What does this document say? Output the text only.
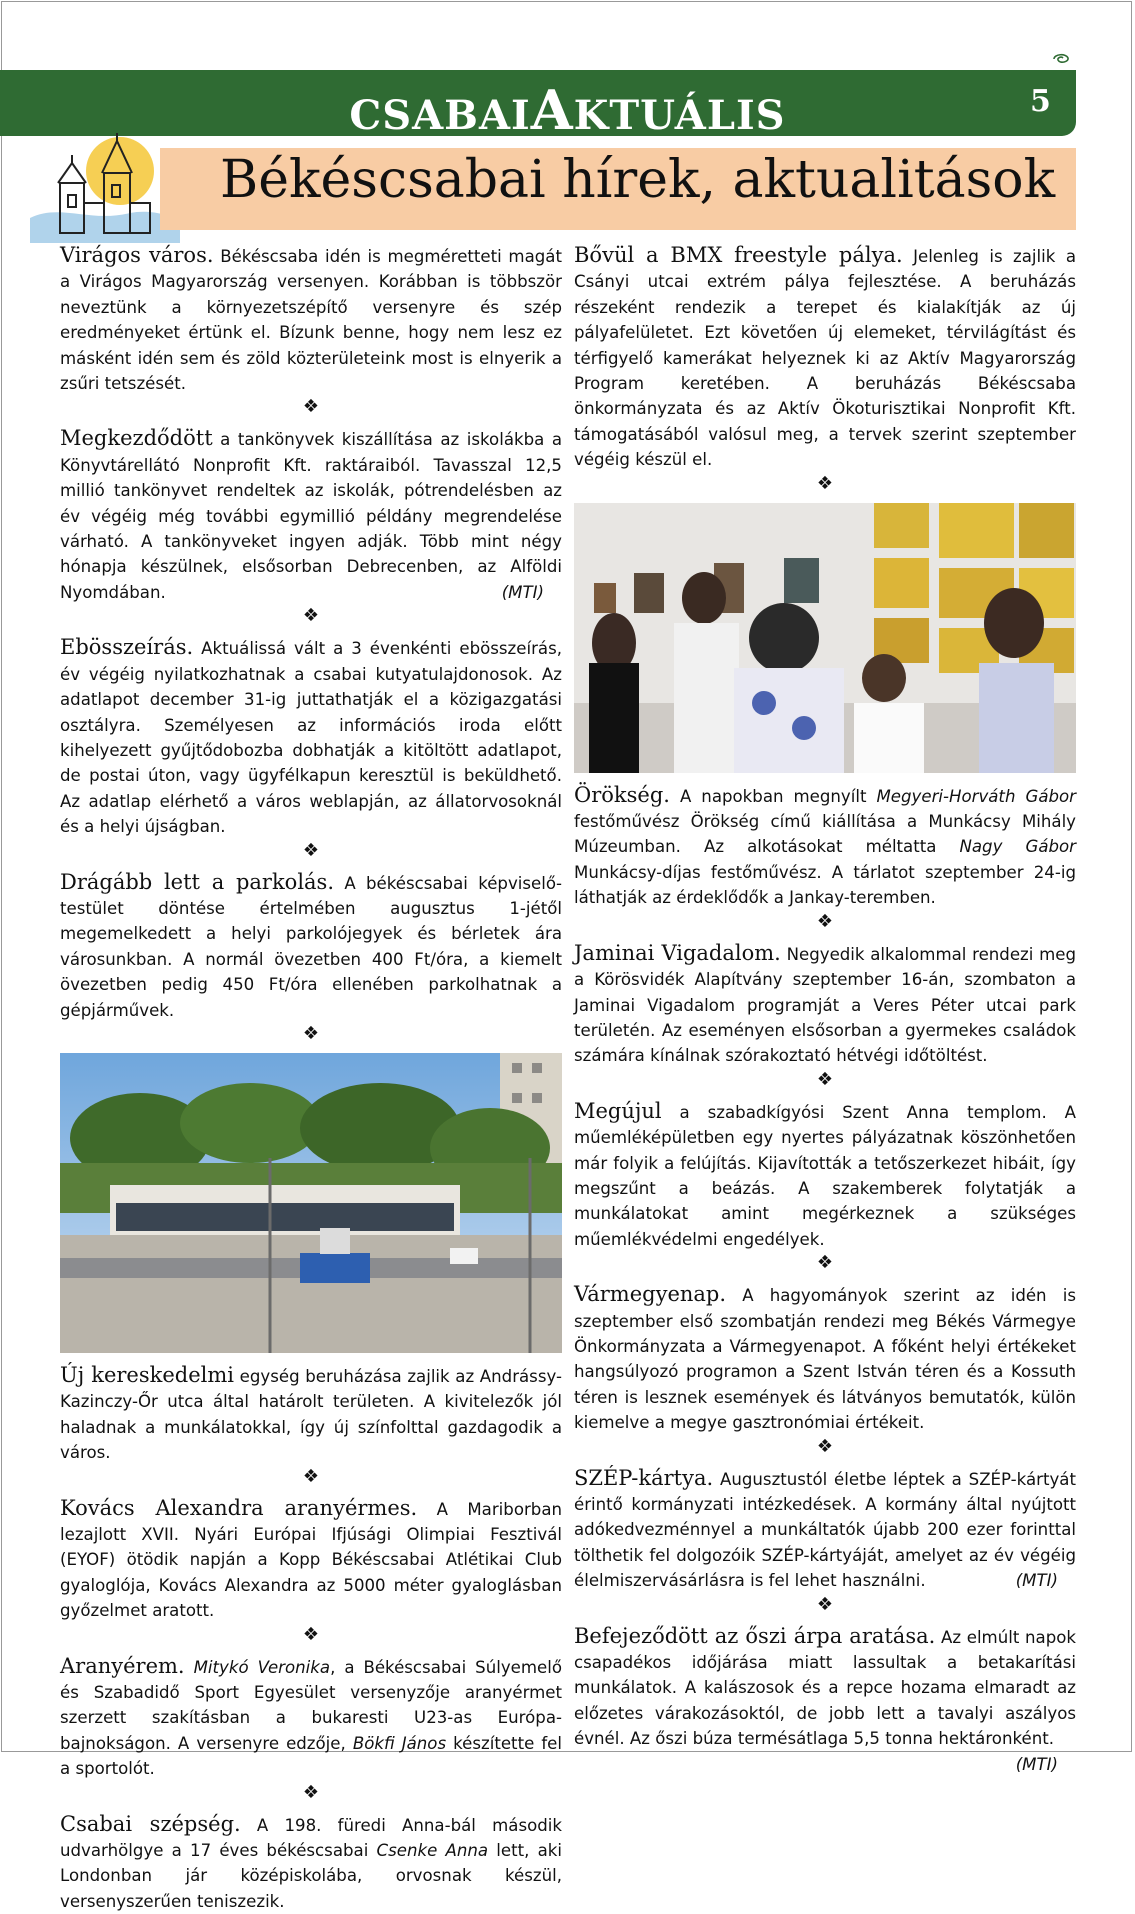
CSABAIAKTUÁLIS	5
Békéscsabai hírek, aktualitások

Virágos város. Békéscsaba idén is megméretteti magát a Virágos Magyarország versenyen. Korábban is többször neveztünk a környezetszépítő versenyre és szép eredményeket értünk el. Bízunk benne, hogy nem lesz ez másként idén sem és zöld közterületeink most is elnyerik a zsűri tetszését.

❖

Megkezdődött a tankönyvek kiszállítása az iskolákba a Könyvtárellátó Nonprofit Kft. raktáraiból. Tavasszal 12,5 millió tankönyvet rendeltek az iskolák, pótrendelésben az év végéig még további egymillió példány megrendelése várható. A tankönyveket ingyen adják. Több mint négy hónapja készülnek, elsősorban Debrecenben, az Alföldi Nyomdában.	(MTI)

❖

Ebösszeírás. Aktuálissá vált a 3 évenkénti ebösszeírás, év végéig nyilatkozhatnak a csabai kutyatulajdonosok. Az adatlapot december 31-ig juttathatják el a közigazgatási osztályra. Személyesen az információs iroda előtt kihelyezett gyűjtődobozba dobhatják a kitöltött adatlapot, de postai úton, vagy ügyfélkapun keresztül is beküldhető. Az adatlap elérhető a város weblapján, az állatorvosoknál és a helyi újságban.

❖

Drágább lett a parkolás. A békéscsabai képviselő-testület döntése értelmében augusztus 1-jétől megemelkedett a helyi parkolójegyek és bérletek ára városunkban. A normál övezetben 400 Ft/óra, a kiemelt övezetben pedig 450 Ft/óra ellenében parkolhatnak a gépjárművek.

❖

Új kereskedelmi egység beruházása zajlik az Andrássy-Kazinczy-Őr utca által határolt területen. A kivitelezők jól haladnak a munkálatokkal, így új színfolttal gazdagodik a város.

❖

Kovács Alexandra aranyérmes. A Mariborban lezajlott XVII. Nyári Európai Ifjúsági Olimpiai Fesztivál (EYOF) ötödik napján a Kopp Békéscsabai Atlétikai Club gyaloglója, Kovács Alexandra az 5000 méter gyaloglásban győzelmet aratott.

❖

Aranyérem. Mitykó Veronika, a Békéscsabai Súlyemelő és Szabadidő Sport Egyesület versenyzője aranyérmet szerzett szakításban a bukaresti U23-as Európa-bajnokságon. A versenyre edzője, Bökfi János készítette fel a sportolót.

❖

Csabai szépség. A 198. füredi Anna-bál második udvarhölgye a 17 éves békéscsabai Csenke Anna lett, aki Londonban jár középiskolába, orvosnak készül, versenyszerűen teniszezik.

Bővül a BMX freestyle pálya. Jelenleg is zajlik a Csányi utcai extrém pálya fejlesztése. A beruházás részeként rendezik a terepet és kialakítják az új pályafelületet. Ezt követően új elemeket, térvilágítást és térfigyelő kamerákat helyeznek ki az Aktív Magyarország Program keretében. A beruházás Békéscsaba önkormányzata és az Aktív Ökoturisztikai Nonprofit Kft. támogatásából valósul meg, a tervek szerint szeptember végéig készül el.

❖

Örökség. A napokban megnyílt Megyeri-Horváth Gábor festőművész Örökség című kiállítása a Munkácsy Mihály Múzeumban. Az alkotásokat méltatta Nagy Gábor Munkácsy-díjas festőművész. A tárlatot szeptember 24-ig láthatják az érdeklődők a Jankay-teremben.

❖

Jaminai Vigadalom. Negyedik alkalommal rendezi meg a Körösvidék Alapítvány szeptember 16-án, szombaton a Jaminai Vigadalom programját a Veres Péter utcai park területén. Az eseményen elsősorban a gyermekes családok számára kínálnak szórakoztató hétvégi időtöltést.

❖

Megújul a szabadkígyósi Szent Anna templom. A műemléképületben egy nyertes pályázatnak köszönhetően már folyik a felújítás. Kijavították a tetőszerkezet hibáit, így megszűnt a beázás. A szakemberek folytatják a munkálatokat amint megérkeznek a szükséges műemlékvédelmi engedélyek.

❖

Vármegyenap. A hagyományok szerint az idén is szeptember első szombatján rendezi meg Békés Vármegye Önkormányzata a Vármegyenapot. A főként helyi értékeket hangsúlyozó programon a Szent István téren és a Kossuth téren is lesznek események és látványos bemutatók, külön kiemelve a megye gasztronómiai értékeit.

❖

SZÉP-kártya. Augusztustól életbe léptek a SZÉP-kártyát érintő kormányzati intézkedések. A kormány által nyújtott adókedvezménnyel a munkáltatók újabb 200 ezer forinttal tölthetik fel dolgozóik SZÉP-kártyáját, amelyet az év végéig élelmiszervásárlásra is fel lehet használni.	(MTI)

❖

Befejeződött az őszi árpa aratása. Az elmúlt napok csapadékos időjárása miatt lassultak a betakarítási munkálatok. A kalászosok és a repce hozama elmaradt az előzetes várakozásoktól, de jobb lett a tavalyi aszályos évnél. Az őszi búza termésátlaga 5,5 tonna hektáronként.
(MTI)
